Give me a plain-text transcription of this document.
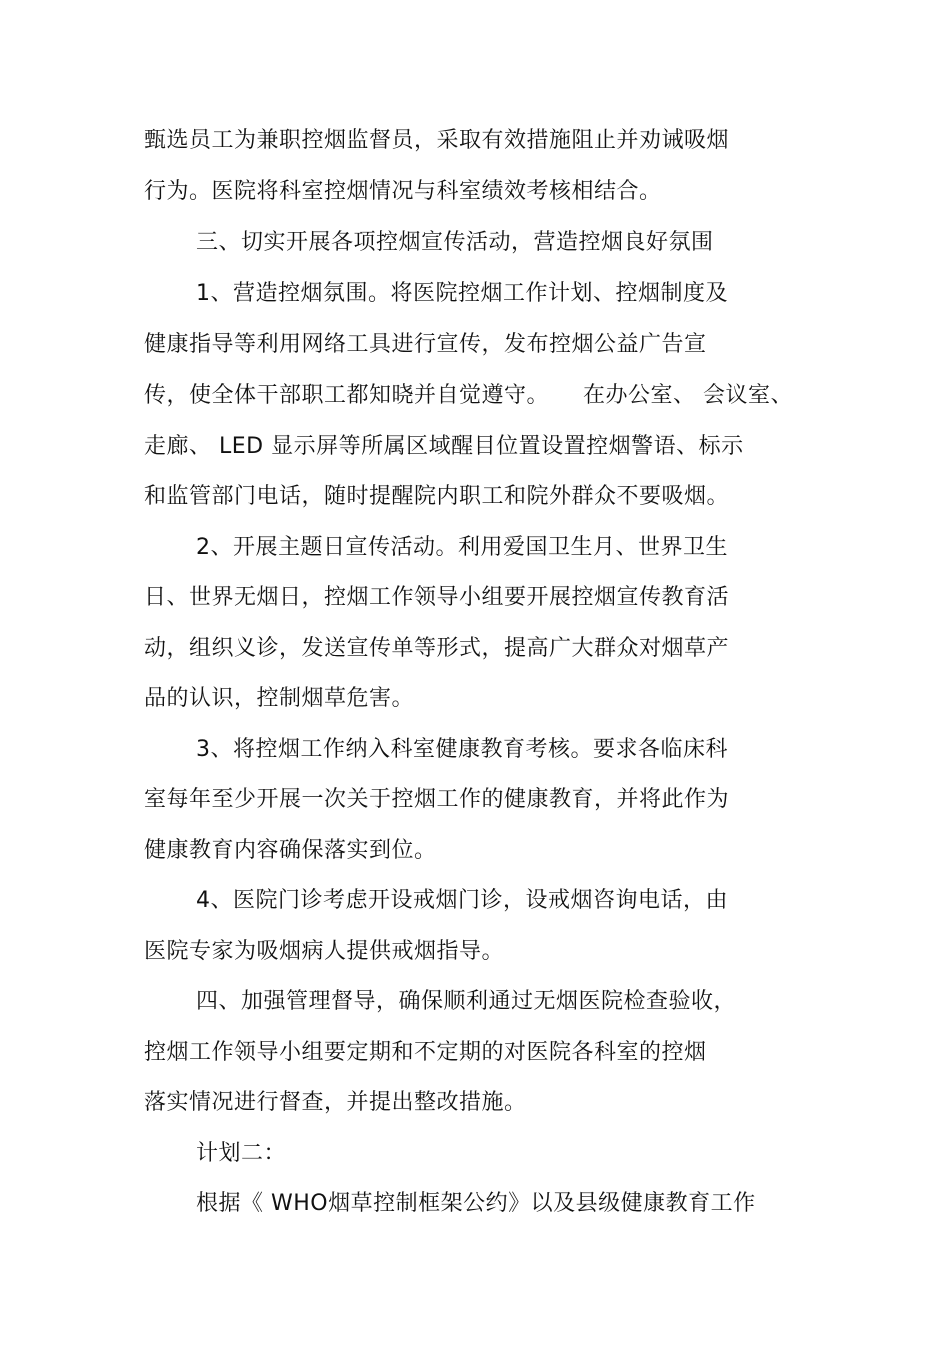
甄选员工为兼职控烟监督员，采取有效措施阻止并劝诫吸烟
行为。医院将科室控烟情况与科室绩效考核相结合。
三、切实开展各项控烟宣传活动，营造控烟良好氛围
1、营造控烟氛围。将医院控烟工作计划、控烟制度及
健康指导等利用网络工具进行宣传，发布控烟公益广告宣
传，使全体干部职工都知晓并自觉遵守。　　在办公室、 会议室、
走廊、 LED 显示屏等所属区域醒目位置设置控烟警语、标示
和监管部门电话，随时提醒院内职工和院外群众不要吸烟。
2、开展主题日宣传活动。利用爱国卫生月、世界卫生
日、世界无烟日，控烟工作领导小组要开展控烟宣传教育活
动，组织义诊，发送宣传单等形式，提高广大群众对烟草产
品的认识，控制烟草危害。
3、将控烟工作纳入科室健康教育考核。要求各临床科
室每年至少开展一次关于控烟工作的健康教育，并将此作为
健康教育内容确保落实到位。
4、医院门诊考虑开设戒烟门诊，设戒烟咨询电话，由
医院专家为吸烟病人提供戒烟指导。
四、加强管理督导，确保顺利通过无烟医院检查验收，
控烟工作领导小组要定期和不定期的对医院各科室的控烟
落实情况进行督查，并提出整改措施。
计划二：
根据《 WHO烟草控制框架公约》以及县级健康教育工作
